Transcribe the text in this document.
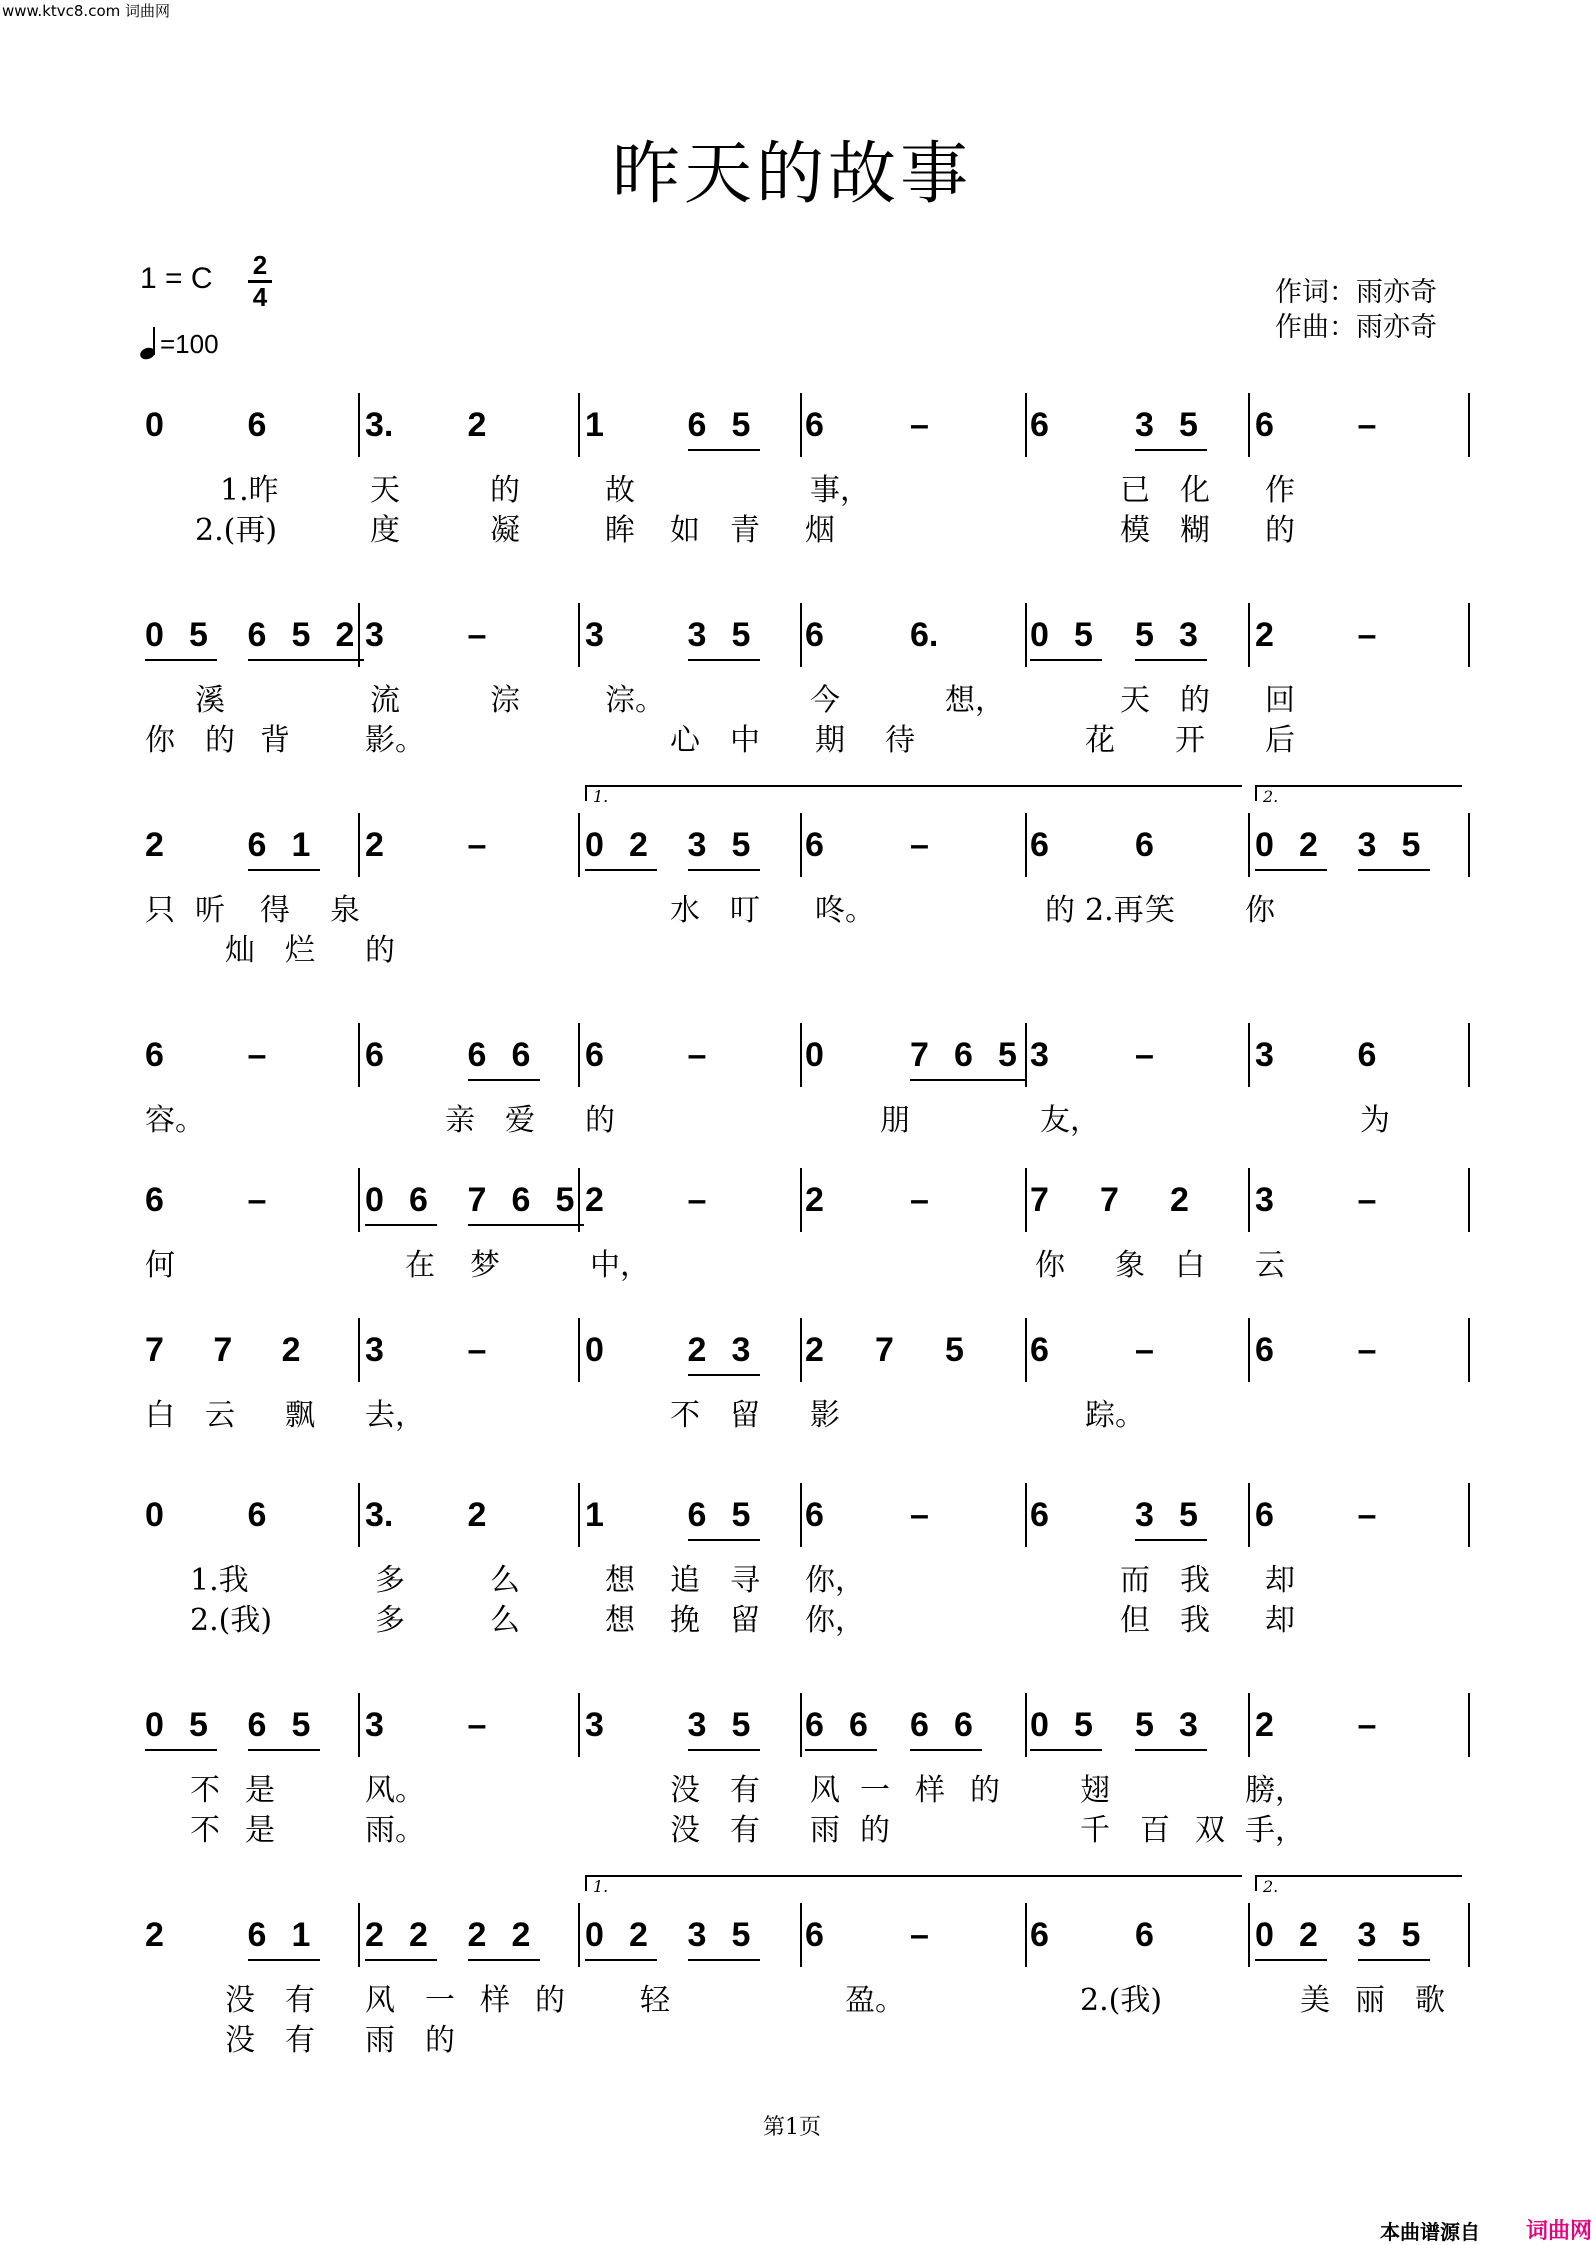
www.ktvc8.com 词曲网
昨天的故事
1 = C 2
4
=100
作词：雨亦奇
作曲：雨亦奇
0 6	3. 2	1 6 5 6	–	6	3 5 6 –
1.昨	天	的	故	事，	已 化 作
2.(再)	度	凝	眸 如 青 烟	模 糊 的
0 5 6 5 2 3 –	3 3 5 6	6.	0 5 5 3 2 –
溪	流	淙	淙。	今	天 的 回
想，
你 的 背	影。	心 中 期 待	花 开 后
2 6 1 2 –	0 2 3 5 6	–	6	6	0 2 3 5
只 听 得 泉	水 叮 咚。	2.再	你
的 笑
灿 烂 的
6 –	6 6 6 6 –	0	7 6 5 3	–	3 6
容。	亲 爱 的	朋	友，	为
6 –	0 6 7 6 5 2 –	2	–	7 7 2 3 –
何	在 梦	中，	你 象 白 云
7 7 2 3 –	0 2 3 2 7 5 6	–	6 –
白 云 飘 去，	不 留 影	踪。
0 6	3. 2	1 6 5 6	–	6	3 5 6 –
1.我	多	么	想 追 寻 你，	而 我 却
2.(我)	多	么	想 挽 留 你，	但 我 却
0 5 6 5 3 –	3 3 5 6 6 6 6 0 5 5 3 2 –
不 是	风。	没 有 风 一 样 的	翅	膀，
不 是	雨。	没 有 雨 的	千 百 双 手，
2 6 1 2 2 2 2 0 2 3 5 6	–	6	6	0 2 3 5
没 有 风 一 样 的	轻	盈。	2.(我)	美 丽 歌
没 有 雨 的
第1页
本曲谱源自 词曲网
1.	2.
1.	2.
